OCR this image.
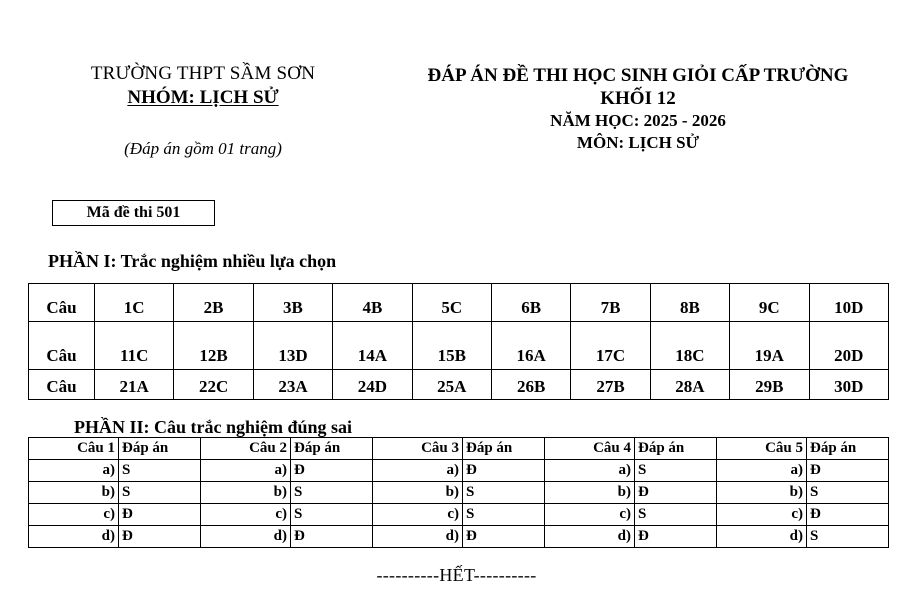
TRƯỜNG THPT SẦM SƠN
NHÓM: LỊCH SỬ
(Đáp án gồm 01 trang)
ĐÁP ÁN ĐỀ THI HỌC SINH GIỎI CẤP TRƯỜNG
KHỐI 12
NĂM HỌC: 2025 - 2026
MÔN: LỊCH SỬ
Mã đề thi 501
PHẦN I: Trắc nghiệm nhiều lựa chọn
Câu	1C	2B	3B	4B	5C	6B	7B	8B	9C	10D
Câu	11C	12B	13D	14A	15B	16A	17C	18C	19A	20D
Câu	21A	22C	23A	24D	25A	26B	27B	28A	29B	30D
PHẦN II: Câu trắc nghiệm đúng sai
Câu 1	Đáp án	Câu 2	Đáp án	Câu 3	Đáp án	Câu 4	Đáp án	Câu 5	Đáp án
a)	S	a)	Đ	a)	Đ	a)	S	a)	Đ
b)	S	b)	S	b)	S	b)	Đ	b)	S
c)	Đ	c)	S	c)	S	c)	S	c)	Đ
d)	Đ	d)	Đ	d)	Đ	d)	Đ	d)	S
----------HẾT----------
